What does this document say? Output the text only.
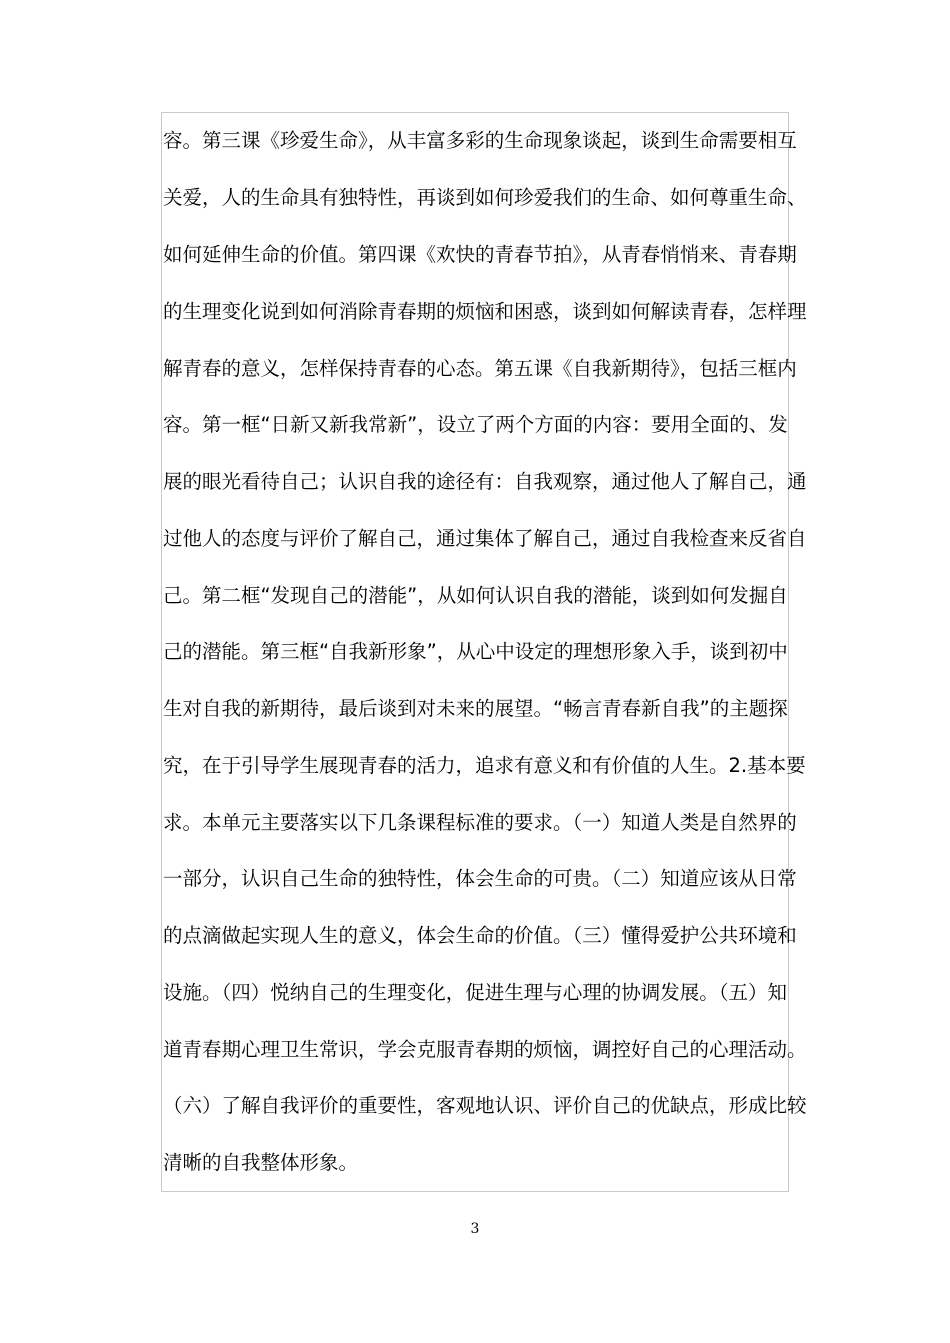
容。第三课《珍爱生命》，从丰富多彩的生命现象谈起，谈到生命需要相互
关爱，人的生命具有独特性，再谈到如何珍爱我们的生命、如何尊重生命、
如何延伸生命的价值。第四课《欢快的青春节拍》，从青春悄悄来、青春期
的生理变化说到如何消除青春期的烦恼和困惑，谈到如何解读青春，怎样理
解青春的意义，怎样保持青春的心态。第五课《自我新期待》，包括三框内
容。第一框“日新又新我常新”，设立了两个方面的内容：要用全面的、发
展的眼光看待自己；认识自我的途径有：自我观察，通过他人了解自己，通
过他人的态度与评价了解自己，通过集体了解自己，通过自我检查来反省自
己。第二框“发现自己的潜能”，从如何认识自我的潜能，谈到如何发掘自
己的潜能。第三框“自我新形象”，从心中设定的理想形象入手，谈到初中
生对自我的新期待，最后谈到对未来的展望。“畅言青春新自我”的主题探
究，在于引导学生展现青春的活力，追求有意义和有价值的人生。2.基本要
求。本单元主要落实以下几条课程标准的要求。（一）知道人类是自然界的
一部分，认识自己生命的独特性，体会生命的可贵。（二）知道应该从日常
的点滴做起实现人生的意义，体会生命的价值。（三）懂得爱护公共环境和
设施。（四）悦纳自己的生理变化，促进生理与心理的协调发展。（五）知
道青春期心理卫生常识，学会克服青春期的烦恼，调控好自己的心理活动。
（六）了解自我评价的重要性，客观地认识、评价自己的优缺点，形成比较
清晰的自我整体形象。
3
